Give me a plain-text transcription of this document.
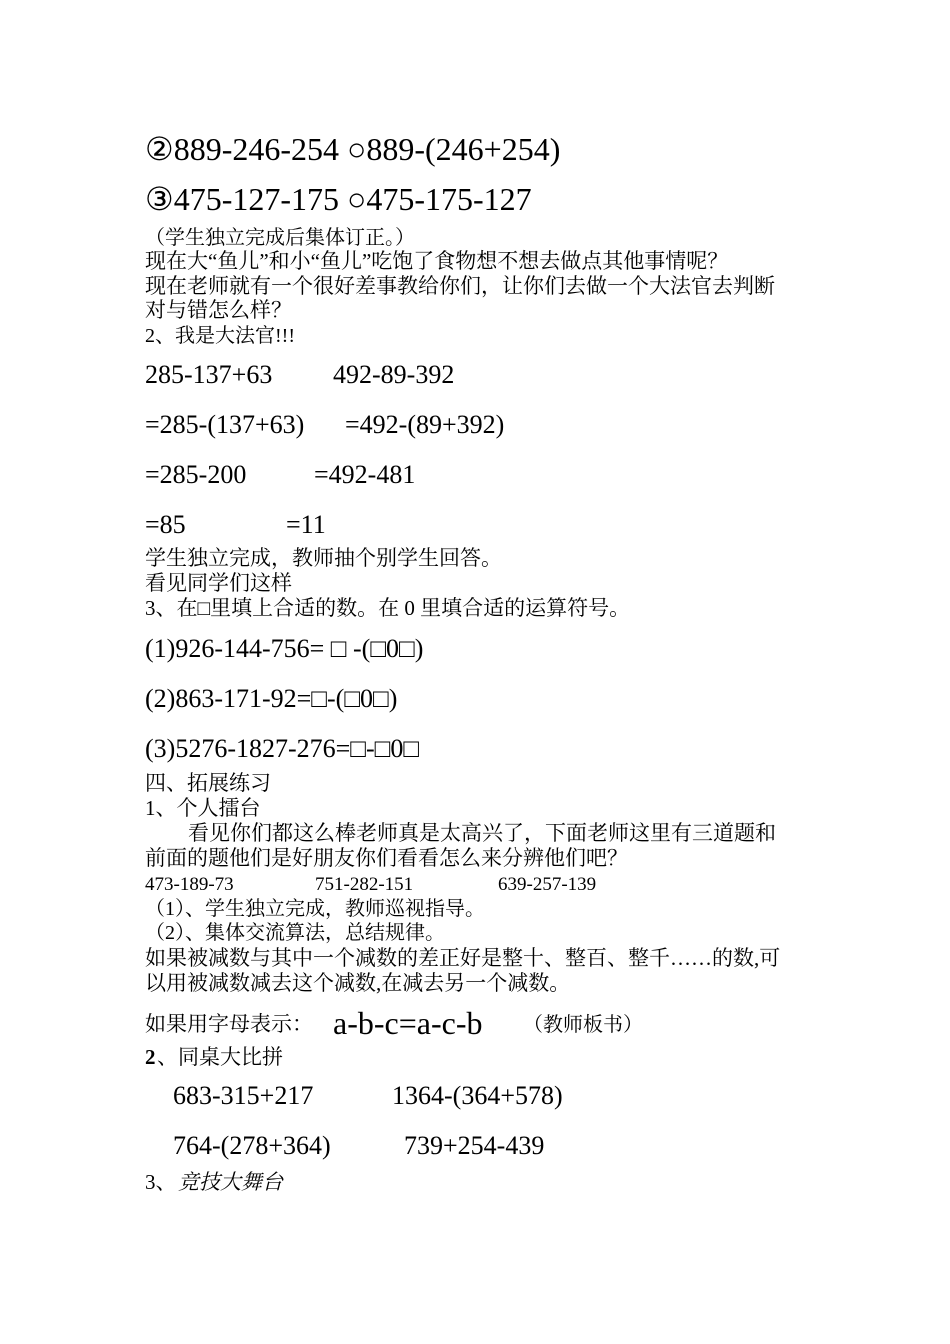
②889-246-254 ○889-(246+254)
③475-127-175 ○475-175-127
（学生独立完成后集体订正。）
现在大“鱼儿”和小“鱼儿”吃饱了食物想不想去做点其他事情呢？
现在老师就有一个很好差事教给你们，让你们去做一个大法官去判断
对与错怎么样？
2、我是大法官!!!
285-137+63 492-89-392
=285-(137+63) =492-(89+392)
=285-200	=492-481
=85	=11
学生独立完成，教师抽个别学生回答。
看见同学们这样
3、在□里填上合适的数。在 0 里填合适的运算符号。
(1)926-144-756= □ -(□0□)
(2)863-171-92=□-(□0□)
(3)5276-1827-276=□-□0□
四、拓展练习
1、个人擂台
看见你们都这么棒老师真是太高兴了，下面老师这里有三道题和
前面的题他们是好朋友你们看看怎么来分辨他们吧？
473-189-73	751-282-151	639-257-139
（1）、学生独立完成，教师巡视指导。
（2）、集体交流算法，总结规律。
如果被减数与其中一个减数的差正好是整十、整百、整千……的数,可
以用被减数减去这个减数,在减去另一个减数。
如果用字母表示： a-b-c=a-c-b （教师板书）
2 、同桌大比拼
683-315+217	1364-(364+578)
764-(278+364)	739+254-439
3、 竞技大舞台
